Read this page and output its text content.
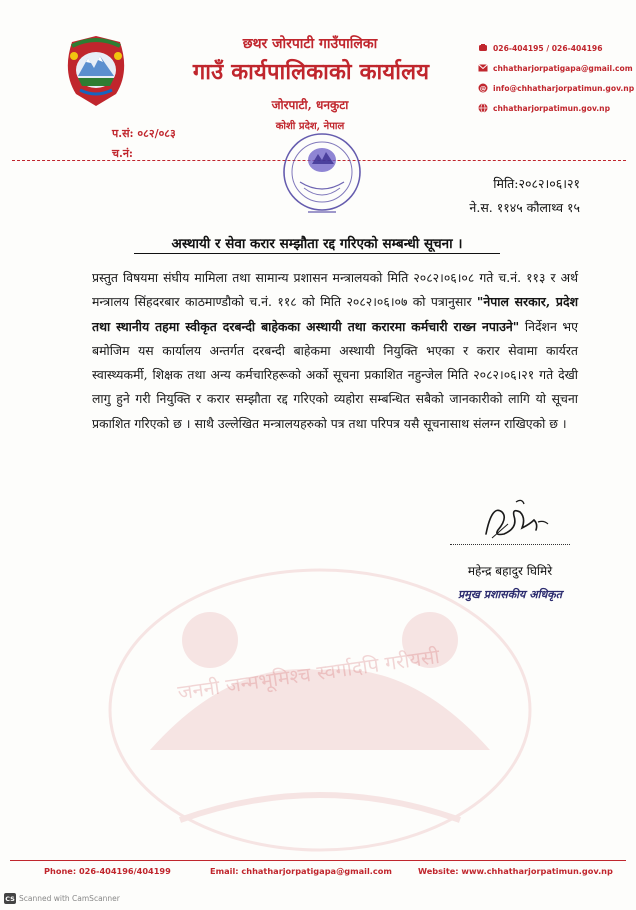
जननी जन्मभूमिश्च स्वर्गादपि गरीयसी
छथर जोरपाटी गाउँपालिका
गाउँ कार्यपालिकाको कार्यालय
जोरपाटी, धनकुटा
कोशी प्रदेश, नेपाल
026-404195 / 026-404196
chhatharjorpatigapa@gmail.com
@ info@chhatharjorpatimun.gov.np
chhatharjorpatimun.gov.np
प.सं: ०८२/०८३
च.नं:
मिति:२०८२।०६।२१
ने.स. ११४५ कौलाथ्व १५
अस्थायी र सेवा करार सम्झौता रद्द गरिएको सम्बन्धी सूचना ।
प्रस्तुत विषयमा संघीय मामिला तथा सामान्य प्रशासन मन्त्रालयको मिति २०८२।०६।०८ गते च.नं. ११३ र अर्थ मन्त्रालय सिंहदरबार काठमाण्डौको च.नं. ११८ को मिति २०८२।०६।०७ को पत्रानुसार "नेपाल सरकार, प्रदेश तथा स्थानीय तहमा स्वीकृत दरबन्दी बाहेकका अस्थायी तथा करारमा कर्मचारी राख्न नपाउने" निर्देशन भए बमोजिम यस कार्यालय अन्तर्गत दरबन्दी बाहेकमा अस्थायी नियुक्ति भएका र करार सेवामा कार्यरत स्वास्थ्यकर्मी, शिक्षक तथा अन्य कर्मचारिहरूको अर्को सूचना प्रकाशित नहुन्जेल मिति २०८२।०६।२१ गते देखी लागु हुने गरी नियुक्ति र करार सम्झौता रद्द गरिएको व्यहोरा सम्बन्धित सबैको जानकारीको लागि यो सूचना प्रकाशित गरिएको छ । साथै उल्लेखित मन्त्रालयहरुको पत्र तथा परिपत्र यसै सूचनासाथ संलग्न राखिएको छ ।
महेन्द्र बहादुर घिमिरे
प्रमुख प्रशासकीय अधिकृत
Phone: 026-404196/404199	Email: chhatharjorpatigapa@gmail.com	Website: www.chhatharjorpatimun.gov.np
CS Scanned with CamScanner
